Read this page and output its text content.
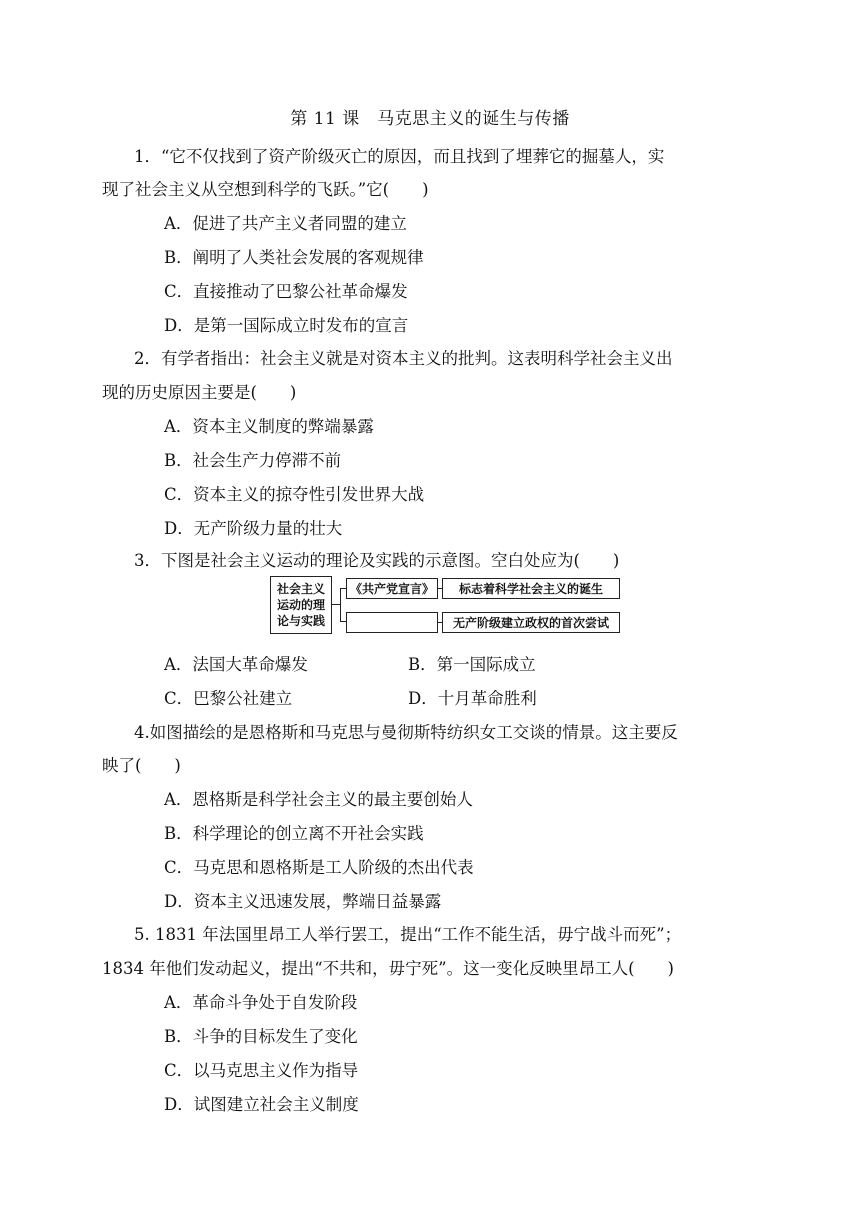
第 11 课　马克思主义的诞生与传播
1．“它不仅找到了资产阶级灭亡的原因，而且找到了埋葬它的掘墓人，实
现了社会主义从空想到科学的飞跃。”它(　　)
A．促进了共产主义者同盟的建立
B．阐明了人类社会发展的客观规律
C．直接推动了巴黎公社革命爆发
D．是第一国际成立时发布的宣言
2．有学者指出：社会主义就是对资本主义的批判。这表明科学社会主义出
现的历史原因主要是(　　)
A．资本主义制度的弊端暴露
B．社会生产力停滞不前
C．资本主义的掠夺性引发世界大战
D．无产阶级力量的壮大
3．下图是社会主义运动的理论及实践的示意图。空白处应为(　　)
社会主义
运动的理
论与实践
《共产党宣言》	标志着科学社会主义的诞生
无产阶级建立政权的首次尝试
A．法国大革命爆发	B．第一国际成立
C．巴黎公社建立	D．十月革命胜利
4.如图描绘的是恩格斯和马克思与曼彻斯特纺织女工交谈的情景。这主要反
映了(　　)
A．恩格斯是科学社会主义的最主要创始人
B．科学理论的创立离不开社会实践
C．马克思和恩格斯是工人阶级的杰出代表
D．资本主义迅速发展，弊端日益暴露
5. 1831 年法国里昂工人举行罢工，提出“工作不能生活，毋宁战斗而死”；
1834 年他们发动起义，提出“不共和，毋宁死”。这一变化反映里昂工人(　　)
A．革命斗争处于自发阶段
B．斗争的目标发生了变化
C．以马克思主义作为指导
D．试图建立社会主义制度
